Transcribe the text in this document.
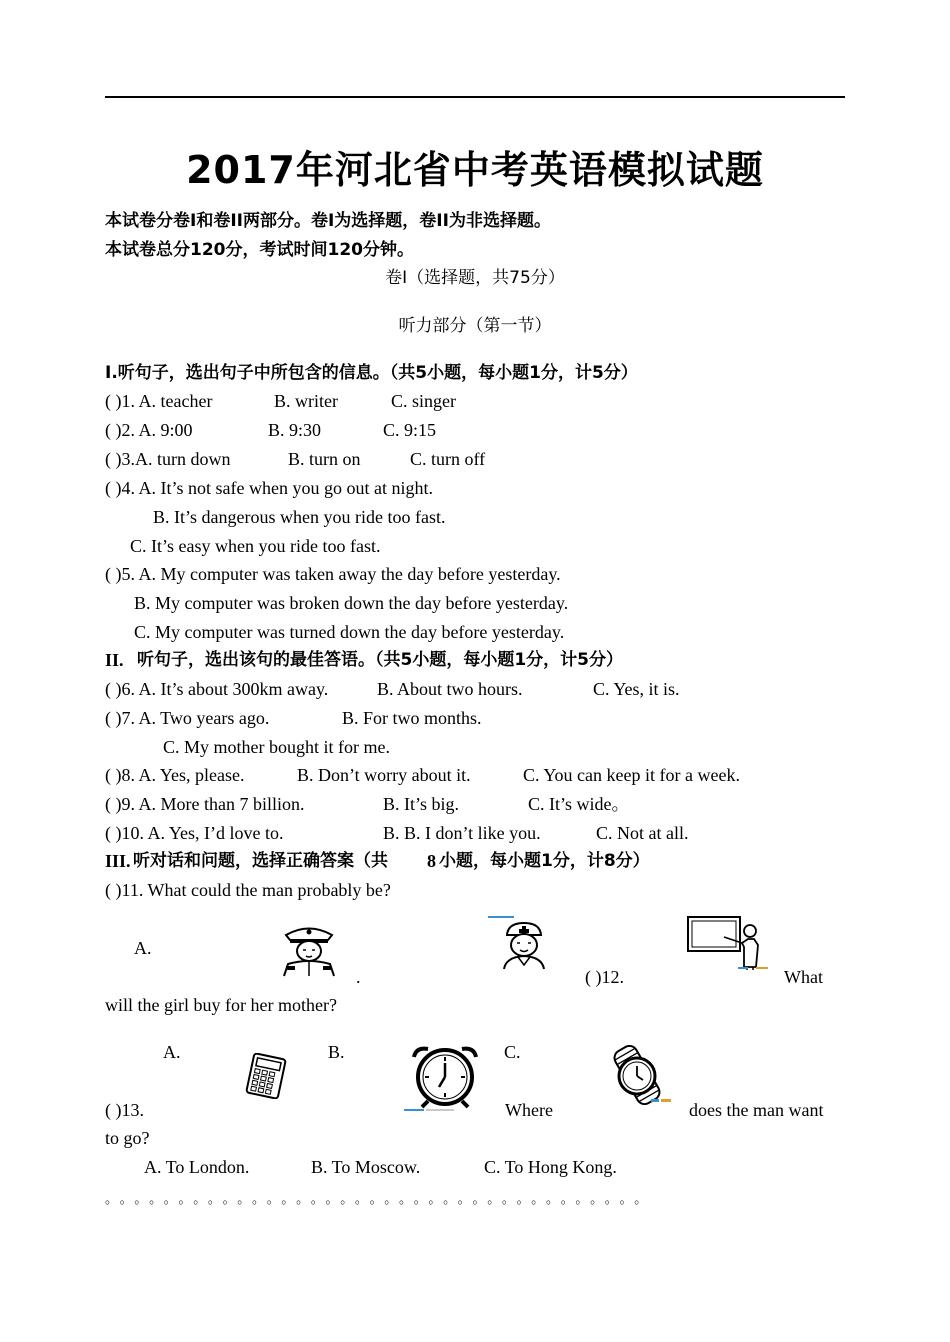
2017年河北省中考英语模拟试题
本试卷分卷I和卷II两部分。卷I为选择题，卷II为非选择题。
本试卷总分120分，考试时间120分钟。
卷I（选择题，共75分）
听力部分（第一节）
I.听句子，选出句子中所包含的信息。（共5小题，每小题1分，计5分）
( )1. A. teacher	B. writer	C. singer
( )2. A. 9:00	B. 9:30	C. 9:15
( )3.A. turn down	B. turn on	C. turn off
( )4. A. It’s not safe when you go out at night.
B. It’s dangerous when you ride too fast.
C. It’s easy when you ride too fast.
( )5. A. My computer was taken away the day before yesterday.
B. My computer was broken down the day before yesterday.
C. My computer was turned down the day before yesterday.
II. 听句子，选出该句的最佳答语。（共5小题，每小题1分，计5分）
( )6. A. It’s about 300km away.	B. About two hours.	C. Yes, it is.
( )7. A. Two years ago.	B. For two months.
C. My mother bought it for me.
( )8. A. Yes, please.	B. Don’t worry about it.	C. You can keep it for a week.
( )9. A. More than 7 billion.	B. It’s big.	C. It’s wide。
( )10. A. Yes, I’d love to.	B. B. I don’t like you.	C. Not at all.
III. 听对话和问题，选择正确答案（共 8 小题，每小题1分，计8分）
( )11. What could the man probably be?
A.
.	( )12.	What
will the girl buy for her mother?
A.	B.	C.
( )13.	Where	does the man want
to go?
A. To London.	B. To Moscow.	C. To Hong Kong.
。。。。。。。。。。。。。。。。。。。。。。。。。。。。。。。。。。。。。
